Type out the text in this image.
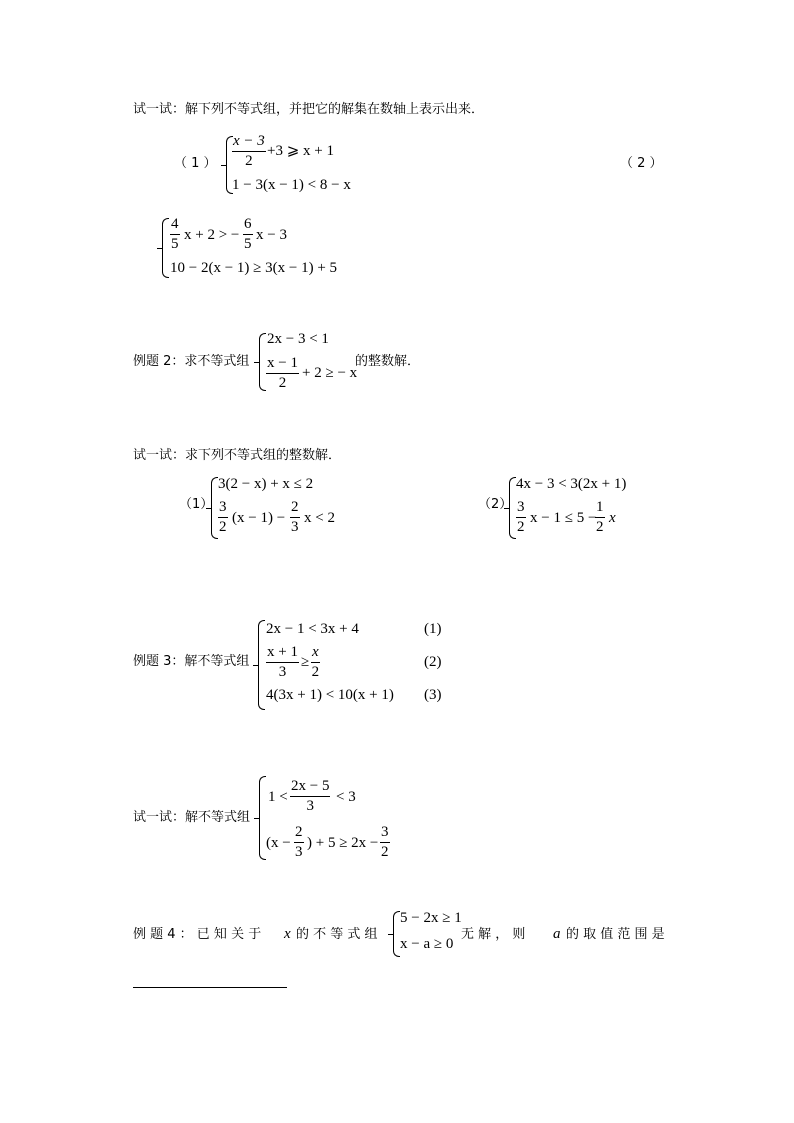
试一试：解下列不等式组，并把它的解集在数轴上表示出来．
（ 1 ） $\frac{x - 3}{2} +3$ ⩾ x + 1
1 − 3(x − 1) < 8 − x
（ 2 ）
$\frac{4}{5}$ x + 2 > − $\frac{6}{5}$ x − 3
10 − 2(x − 1) ≥ 3(x − 1) + 5
例题 2：求不等式组
2x − 3 < 1
$\frac{x - 1}{2} + 2$ ≥ − x
的整数解．
试一试：求下列不等式组的整数解．
（1）
3(2 − x) + x ≤ 2
$\frac{3}{2} (x - 1) - \frac{2}{3}$ x < 2
（2）
4x − 3 < 3(2x + 1)
$\frac{3}{2}$ x − 1 ≤ 5 −
$\frac{1}{2}$ x
例题 3：解不等式组
2x − 1 < 3x + 4
$\frac{x + 1}{3} \ge \frac{x}{2}$
4(3x + 1) < 10(x + 1)
(1)
(2)
(3)
试一试：解不等式组
$1 < \frac{2x - 5}{3} < 3$
($x - \frac{2}{3}$ ) + $5 \ge 2x - \frac{3}{2}$
例 题 4 ： 已 知 关 于 x 的 不 等 式 组
5 − 2x ≥ 1
x − a ≥ 0
无 解 ， 则 a 的 取 值 范 围 是
